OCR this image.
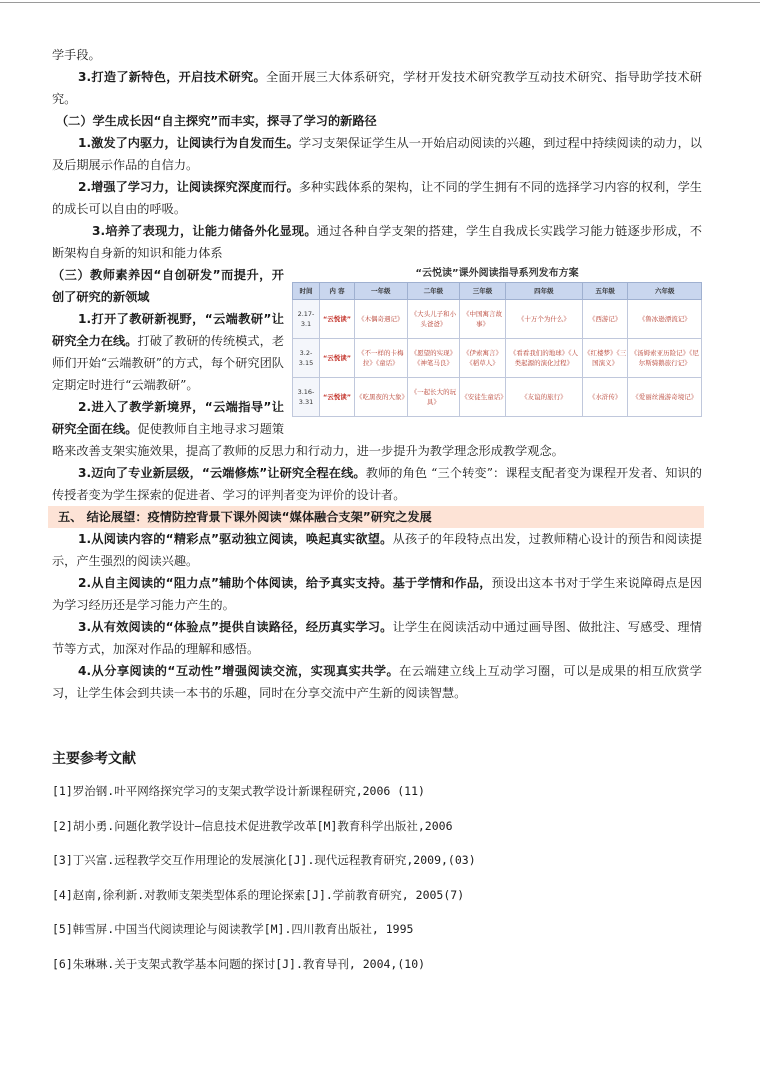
学手段。

3.打造了新特色，开启技术研究。全面开展三大体系研究，学材开发技术研究教学互动技术研究、指导助学技术研究。

（二）学生成长因“自主探究”而丰实，探寻了学习的新路径

1.激发了内驱力，让阅读行为自发而生。学习支架保证学生从一开始启动阅读的兴趣，到过程中持续阅读的动力，以及后期展示作品的自信力。

2.增强了学习力，让阅读探究深度而行。多种实践体系的架构，让不同的学生拥有不同的选择学习内容的权利，学生的成长可以自由的呼吸。

3.培养了表现力，让能力储备外化显现。通过各种自学支架的搭建，学生自我成长实践学习能力链逐步形成，不断架构自身新的知识和能力体系

“云悦读”课外阅读指导系列发布方案
时间	内 容	一年级	二年级	三年级	四年级	五年级	六年级
2.17-3.1	“云悦读”	《木偶奇遇记》	《大头儿子和小头爸爸》	《中国寓言故事》	《十万个为什么》	《西游记》	《鲁冰逊漂流记》
3.2-3.15	“云悦读”	《不一样的卡梅拉》《童话》	《愿望的实现》《神笔马良》	《伊索寓言》《稻草人》	《看看我们的地球》《人类起源的演化过程》	《红楼梦》《三国演义》	《汤姆索亚历险记》《尼尔斯骑鹅旅行记》
3.16-3.31	“云悦读”	《吃黑夜的大象》	《一起长大的玩具》	《安徒生童话》	《友谊的旅行》	《水浒传》	《爱丽丝漫游奇境记》

（三）教师素养因“自创研发”而提升，开创了研究的新领域

1.打开了教研新视野，“云端教研”让研究全力在线。打破了教研的传统模式，老师们开始“云端教研”的方式，每个研究团队定期定时进行“云端教研”。

2.进入了教学新境界，“云端指导”让研究全面在线。促使教师自主地寻求习题策略来改善支架实施效果，提高了教师的反思力和行动力，进一步提升为教学理念形成教学观念。

3.迈向了专业新层级，“云端修炼”让研究全程在线。教师的角色 “三个转变”：课程支配者变为课程开发者、知识的传授者变为学生探索的促进者、学习的评判者变为评价的设计者。

五、 结论展望：疫情防控背景下课外阅读“媒体融合支架”研究之发展

1.从阅读内容的“精彩点”驱动独立阅读，唤起真实欲望。从孩子的年段特点出发，过教师精心设计的预告和阅读提示，产生强烈的阅读兴趣。

2.从自主阅读的“阻力点”辅助个体阅读，给予真实支持。基于学情和作品，预设出这本书对于学生来说障碍点是因为学习经历还是学习能力产生的。

3.从有效阅读的“体验点”提供自读路径，经历真实学习。让学生在阅读活动中通过画导图、做批注、写感受、理情节等方式，加深对作品的理解和感悟。

4.从分享阅读的“互动性”增强阅读交流，实现真实共学。在云端建立线上互动学习圈，可以是成果的相互欣赏学习，让学生体会到共读一本书的乐趣，同时在分享交流中产生新的阅读智慧。

主要参考文献
[1]罗治钢.叶平网络探究学习的支架式教学设计新课程研究,2006 (11)
[2]胡小勇.问题化教学设计—信息技术促进教学改革[M]教育科学出版社,2006
[3]丁兴富.远程教学交互作用理论的发展演化[J].现代远程教育研究,2009,(03)
[4]赵南,徐利新.对教师支架类型体系的理论探索[J].学前教育研究, 2005(7)
[5]韩雪屏.中国当代阅读理论与阅读教学[M].四川教育出版社, 1995
[6]朱琳琳.关于支架式教学基本问题的探讨[J].教育导刊, 2004,(10)
